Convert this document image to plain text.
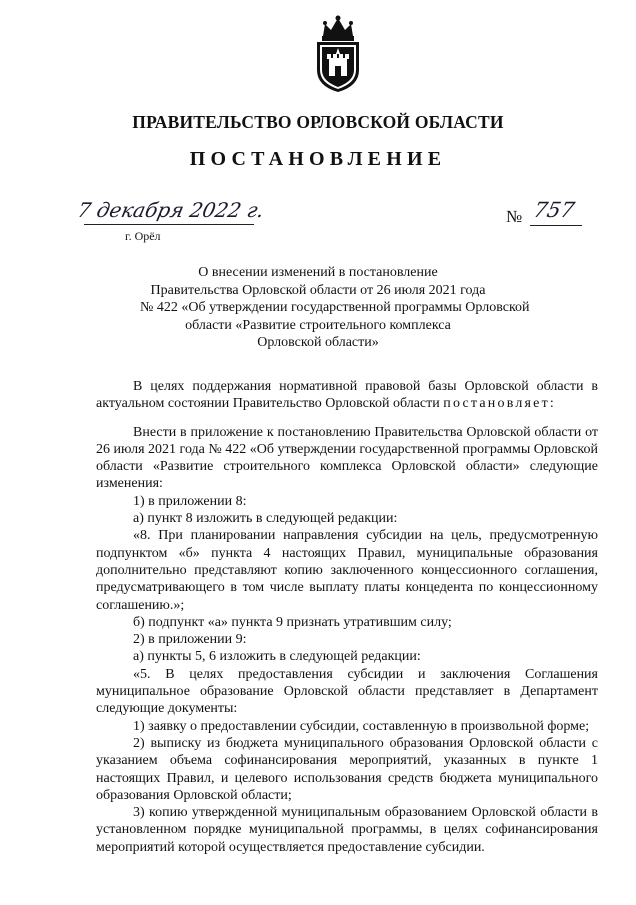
ПРАВИТЕЛЬСТВО ОРЛОВСКОЙ ОБЛАСТИ
ПОСТАНОВЛЕНИЕ
7 декабря 2022 г.
г. Орёл
№ 757
О внесении изменений в постановление
Правительства Орловской области от 26 июля 2021 года
№ 422 «Об утверждении государственной программы Орловской
области «Развитие строительного комплекса
Орловской области»

В целях поддержания нормативной правовой базы Орловской области в актуальном состоянии Правительство Орловской области постановляет:

Внести в приложение к постановлению Правительства Орловской области от 26 июля 2021 года № 422 «Об утверждении государственной программы Орловской области «Развитие строительного комплекса Орловской области» следующие изменения:

1) в приложении 8:

а) пункт 8 изложить в следующей редакции:

«8. При планировании направления субсидии на цель, предусмотренную подпунктом «б» пункта 4 настоящих Правил, муниципальные образования дополнительно представляют копию заключенного концессионного соглашения, предусматривающего в том числе выплату платы концедента по концессионному соглашению.»;

б) подпункт «а» пункта 9 признать утратившим силу;

2) в приложении 9:

а) пункты 5, 6 изложить в следующей редакции:

«5. В целях предоставления субсидии и заключения Соглашения муниципальное образование Орловской области представляет в Департамент следующие документы:

1) заявку о предоставлении субсидии, составленную в произвольной форме;

2) выписку из бюджета муниципального образования Орловской области с указанием объема софинансирования мероприятий, указанных в пункте 1 настоящих Правил, и целевого использования средств бюджета муниципального образования Орловской области;

3) копию утвержденной муниципальным образованием Орловской области в установленном порядке муниципальной программы, в целях софинансирования мероприятий которой осуществляется предоставление субсидии.
